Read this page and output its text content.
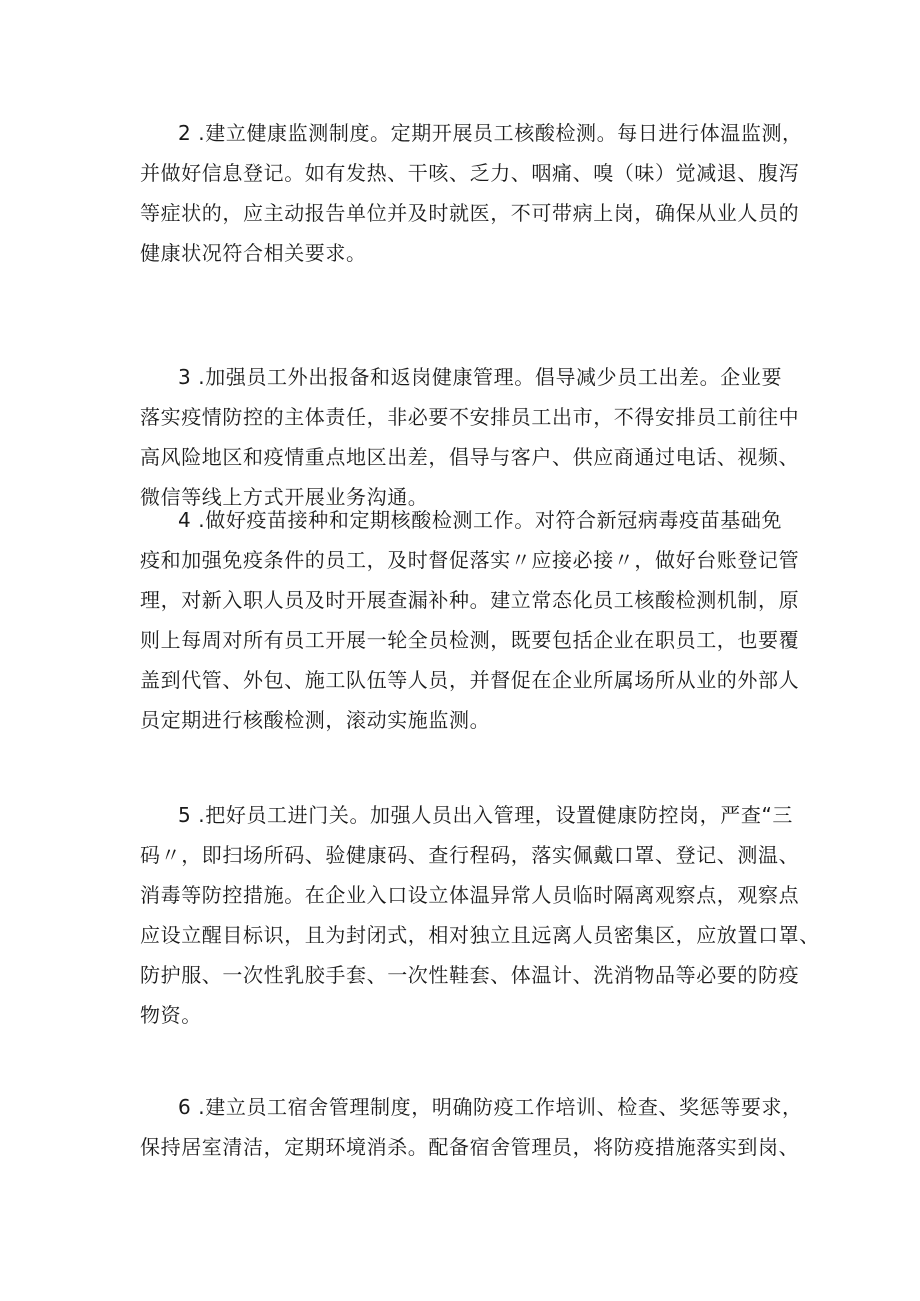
2 .建立健康监测制度。定期开展员工核酸检测。每日进行体温监测，
并做好信息登记。如有发热、干咳、乏力、咽痛、嗅（味）觉减退、腹泻
等症状的，应主动报告单位并及时就医，不可带病上岗，确保从业人员的
健康状况符合相关要求。

3 .加强员工外出报备和返岗健康管理。倡导减少员工出差。企业要
落实疫情防控的主体责任，非必要不安排员工出市，不得安排员工前往中
高风险地区和疫情重点地区出差，倡导与客户、供应商通过电话、视频、
微信等线上方式开展业务沟通。

4 .做好疫苗接种和定期核酸检测工作。对符合新冠病毒疫苗基础免
疫和加强免疫条件的员工，及时督促落实〃应接必接〃，做好台账登记管
理，对新入职人员及时开展查漏补种。建立常态化员工核酸检测机制，原
则上每周对所有员工开展一轮全员检测，既要包括企业在职员工，也要覆
盖到代管、外包、施工队伍等人员，并督促在企业所属场所从业的外部人
员定期进行核酸检测，滚动实施监测。

5 .把好员工进门关。加强人员出入管理，设置健康防控岗，严查“三
码〃，即扫场所码、验健康码、查行程码，落实佩戴口罩、登记、测温、
消毒等防控措施。在企业入口设立体温异常人员临时隔离观察点，观察点
应设立醒目标识，且为封闭式，相对独立且远离人员密集区，应放置口罩、
防护服、一次性乳胶手套、一次性鞋套、体温计、洗消物品等必要的防疫
物资。

6 .建立员工宿舍管理制度，明确防疫工作培训、检查、奖惩等要求，
保持居室清洁，定期环境消杀。配备宿舍管理员，将防疫措施落实到岗、
